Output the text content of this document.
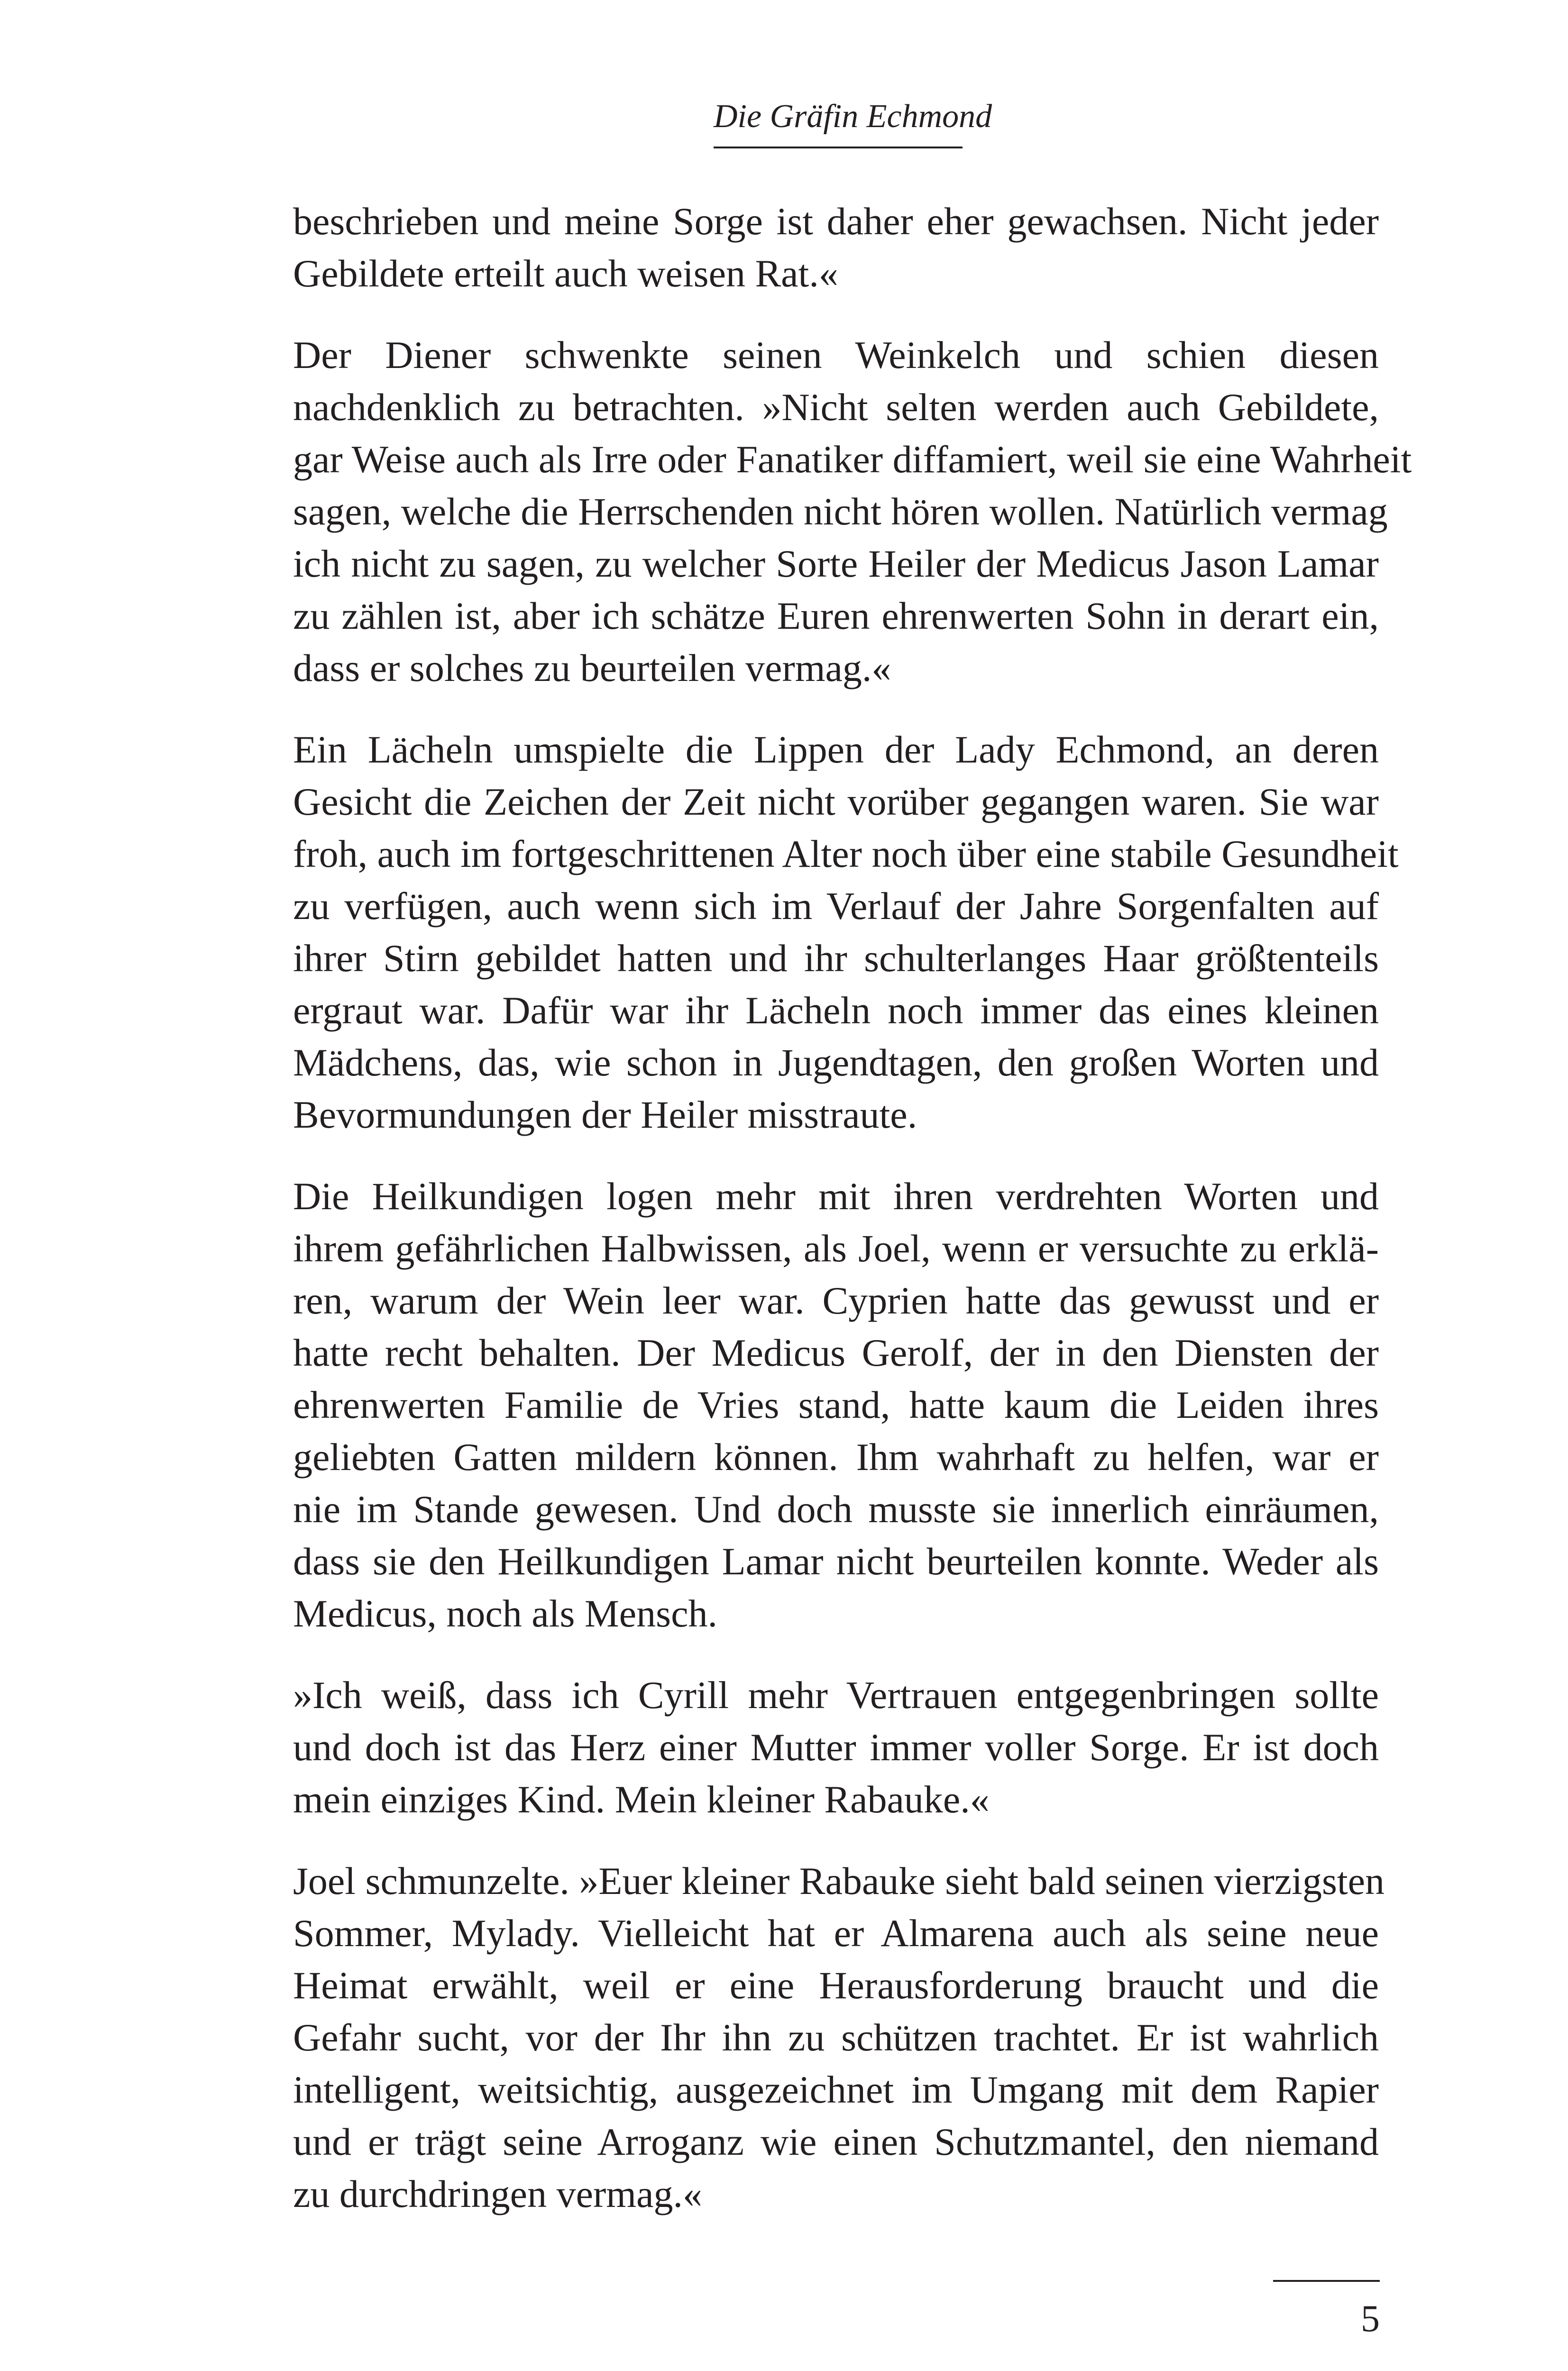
Die Gräfin Echmond

beschrieben und meine Sorge ist daher eher gewachsen. Nicht jeder
Gebildete erteilt auch weisen Rat.«

Der Diener schwenkte seinen Weinkelch und schien diesen
nachdenklich zu betrachten. »Nicht selten werden auch Gebildete,
gar Weise auch als Irre oder Fanatiker diffamiert, weil sie eine Wahrheit
sagen, welche die Herrschenden nicht hören wollen. Natürlich vermag
ich nicht zu sagen, zu welcher Sorte Heiler der Medicus Jason Lamar
zu zählen ist, aber ich schätze Euren ehrenwerten Sohn in derart ein,
dass er solches zu beurteilen vermag.«

Ein Lächeln umspielte die Lippen der Lady Echmond, an deren
Gesicht die Zeichen der Zeit nicht vorüber gegangen waren. Sie war
froh, auch im fortgeschrittenen Alter noch über eine stabile Gesundheit
zu verfügen, auch wenn sich im Verlauf der Jahre Sorgenfalten auf
ihrer Stirn gebildet hatten und ihr schulterlanges Haar größtenteils
ergraut war. Dafür war ihr Lächeln noch immer das eines kleinen
Mädchens, das, wie schon in Jugendtagen, den großen Worten und
Bevormundungen der Heiler misstraute.

Die Heilkundigen logen mehr mit ihren verdrehten Worten und
ihrem gefährlichen Halbwissen, als Joel, wenn er versuchte zu erklä-
ren, warum der Wein leer war. Cyprien hatte das gewusst und er
hatte recht behalten. Der Medicus Gerolf, der in den Diensten der
ehrenwerten Familie de Vries stand, hatte kaum die Leiden ihres
geliebten Gatten mildern können. Ihm wahrhaft zu helfen, war er
nie im Stande gewesen. Und doch musste sie innerlich einräumen,
dass sie den Heilkundigen Lamar nicht beurteilen konnte. Weder als
Medicus, noch als Mensch.

»Ich weiß, dass ich Cyrill mehr Vertrauen entgegenbringen sollte
und doch ist das Herz einer Mutter immer voller Sorge. Er ist doch
mein einziges Kind. Mein kleiner Rabauke.«

Joel schmunzelte. »Euer kleiner Rabauke sieht bald seinen vierzigsten
Sommer, Mylady. Vielleicht hat er Almarena auch als seine neue
Heimat erwählt, weil er eine Herausforderung braucht und die
Gefahr sucht, vor der Ihr ihn zu schützen trachtet. Er ist wahrlich
intelligent, weitsichtig, ausgezeichnet im Umgang mit dem Rapier
und er trägt seine Arroganz wie einen Schutzmantel, den niemand
zu durchdringen vermag.«

5
